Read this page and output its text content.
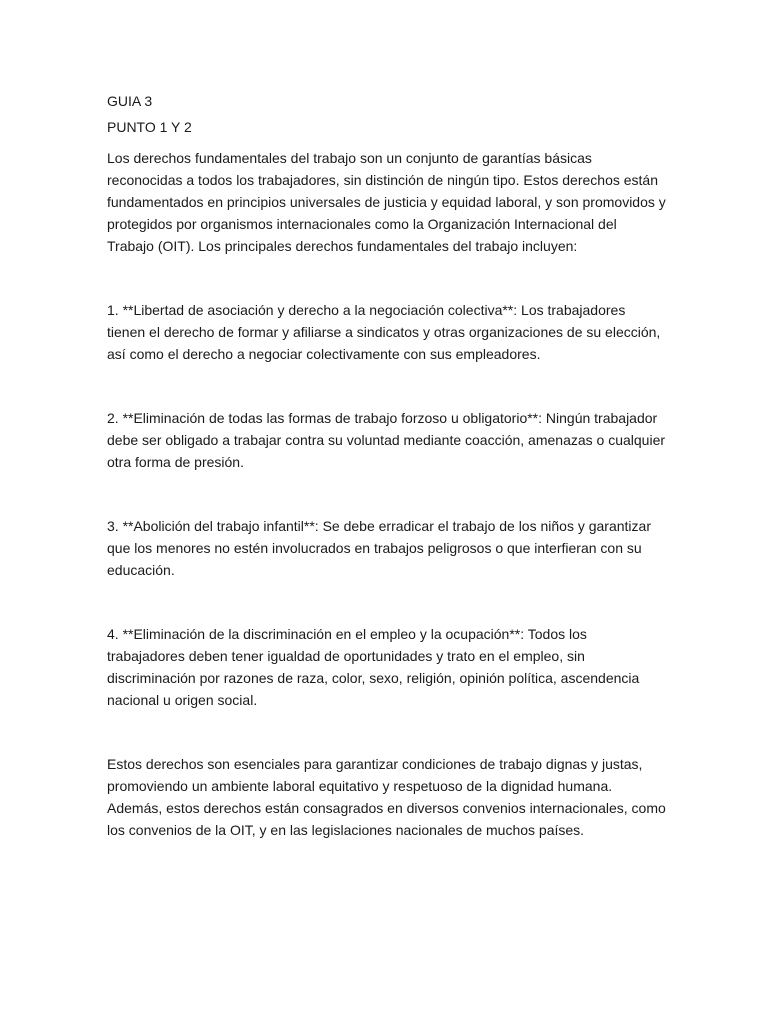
GUIA 3
PUNTO 1 Y 2

Los derechos fundamentales del trabajo son un conjunto de garantías básicas reconocidas a todos los trabajadores, sin distinción de ningún tipo. Estos derechos están fundamentados en principios universales de justicia y equidad laboral, y son promovidos y protegidos por organismos internacionales como la Organización Internacional del Trabajo (OIT). Los principales derechos fundamentales del trabajo incluyen:

1. **Libertad de asociación y derecho a la negociación colectiva**: Los trabajadores tienen el derecho de formar y afiliarse a sindicatos y otras organizaciones de su elección, así como el derecho a negociar colectivamente con sus empleadores.

2. **Eliminación de todas las formas de trabajo forzoso u obligatorio**: Ningún trabajador debe ser obligado a trabajar contra su voluntad mediante coacción, amenazas o cualquier otra forma de presión.

3. **Abolición del trabajo infantil**: Se debe erradicar el trabajo de los niños y garantizar que los menores no estén involucrados en trabajos peligrosos o que interfieran con su educación.

4. **Eliminación de la discriminación en el empleo y la ocupación**: Todos los trabajadores deben tener igualdad de oportunidades y trato en el empleo, sin discriminación por razones de raza, color, sexo, religión, opinión política, ascendencia nacional u origen social.

Estos derechos son esenciales para garantizar condiciones de trabajo dignas y justas, promoviendo un ambiente laboral equitativo y respetuoso de la dignidad humana. Además, estos derechos están consagrados en diversos convenios internacionales, como los convenios de la OIT, y en las legislaciones nacionales de muchos países.
